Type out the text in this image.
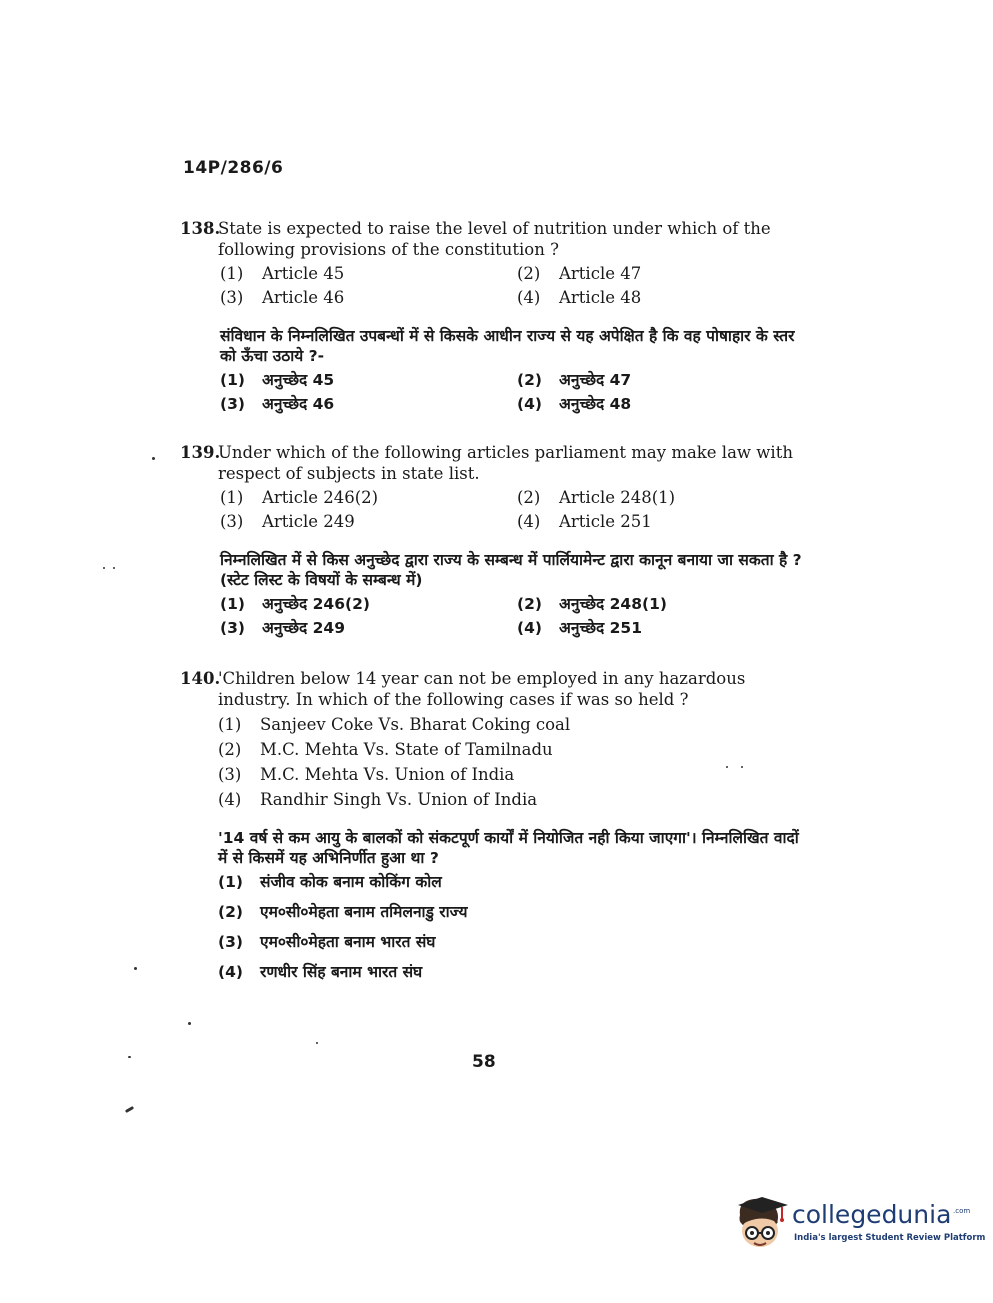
14P/286/6
138.
State is expected to raise the level of nutrition under which of the following provisions of the constitution ?
(1)	Article 45	(2)	Article 47
(3)	Article 46	(4)	Article 48
संविधान के निम्नलिखित उपबन्धों में से किसके आधीन राज्य से यह अपेक्षित है कि वह पोषाहार के स्तर को ऊँचा उठाये ?-
(1)	अनुच्छेद 45	(2)	अनुच्छेद 47
(3)	अनुच्छेद 46	(4)	अनुच्छेद 48
139.
Under which of the following articles parliament may make law with respect of subjects in state list.
(1)	Article 246(2)	(2)	Article 248(1)
(3)	Article 249	(4)	Article 251
निम्नलिखित में से किस अनुच्छेद द्वारा राज्य के सम्बन्ध में पार्लियामेन्ट द्वारा कानून बनाया जा सकता है ? (स्टेट लिस्ट के विषयों के सम्बन्ध में)
(1)	अनुच्छेद 246(2)	(2)	अनुच्छेद 248(1)
(3)	अनुच्छेद 249	(4)	अनुच्छेद 251
140.
'Children below 14 year can not be employed in any hazardous industry. In which of the following cases if was so held ?
(1)	Sanjeev Coke Vs. Bharat Coking coal
(2)	M.C. Mehta Vs. State of Tamilnadu
(3)	M.C. Mehta Vs. Union of India
(4)	Randhir Singh Vs. Union of India
'14 वर्ष से कम आयु के बालकों को संकटपूर्ण कार्यों में नियोजित नही किया जाएगा'। निम्नलिखित वादों में से किसमें यह अभिनिर्णीत हुआ था ?
(1)	संजीव कोक बनाम कोकिंग कोल
(2)	एम०सी०मेहता बनाम तमिलनाडु राज्य
(3)	एम०सी०मेहता बनाम भारत संघ
(4)	रणधीर सिंह बनाम भारत संघ
58
collegedunia .com
India's largest Student Review Platform
